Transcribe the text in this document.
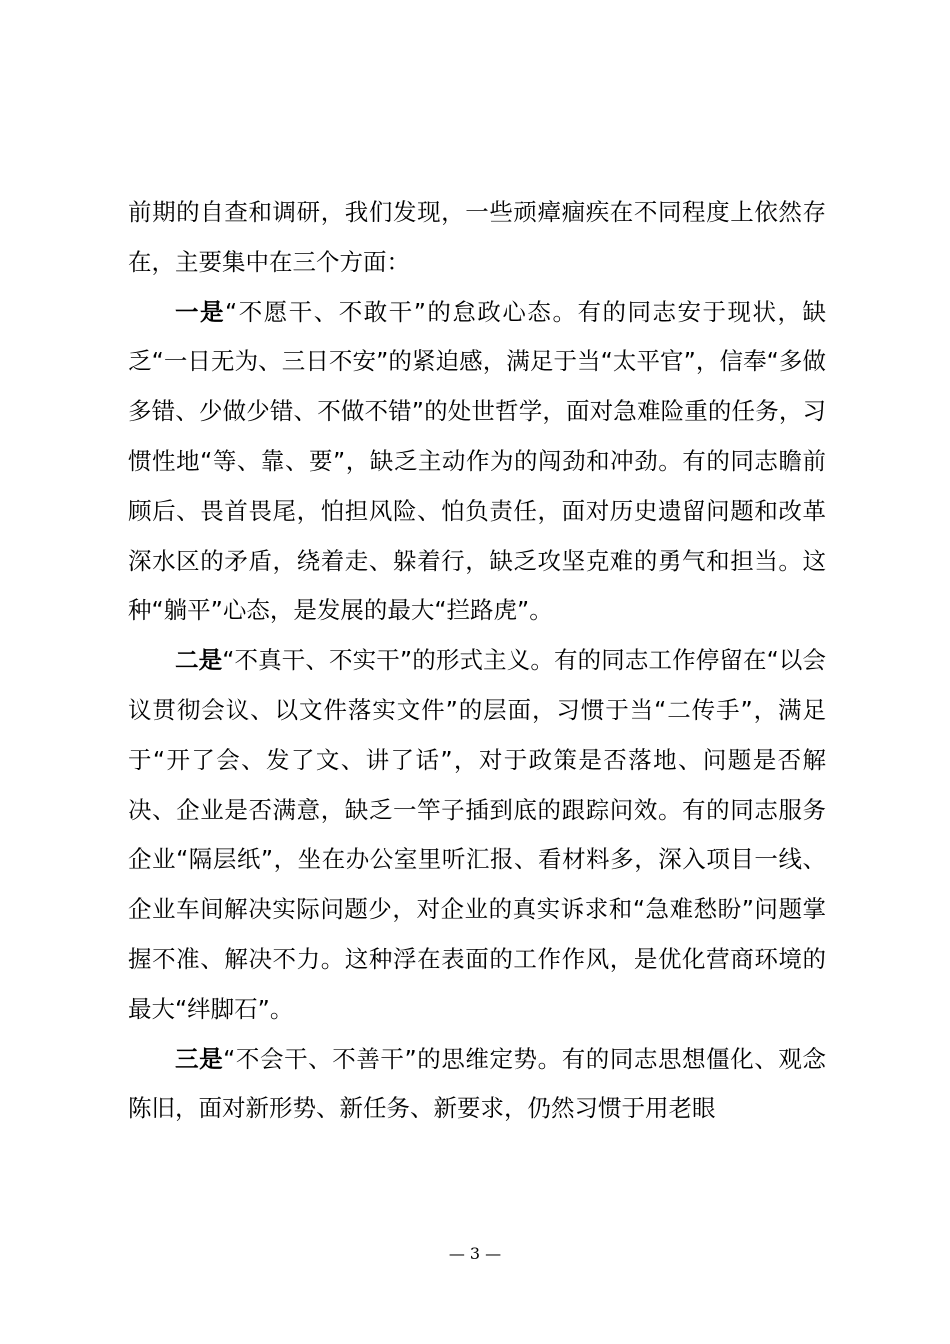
前期的自查和调研，我们发现，一些顽瘴痼疾在不同程度上依然存在，主要集中在三个方面：

一是“不愿干、不敢干”的怠政心态。有的同志安于现状，缺乏“一日无为、三日不安”的紧迫感，满足于当“太平官”，信奉“多做多错、少做少错、不做不错”的处世哲学，面对急难险重的任务，习惯性地“等、靠、要”，缺乏主动作为的闯劲和冲劲。有的同志瞻前顾后、畏首畏尾，怕担风险、怕负责任，面对历史遗留问题和改革深水区的矛盾，绕着走、躲着行，缺乏攻坚克难的勇气和担当。这种“躺平”心态，是发展的最大“拦路虎”。

二是“不真干、不实干”的形式主义。有的同志工作停留在“以会议贯彻会议、以文件落实文件”的层面，习惯于当“二传手”，满足于“开了会、发了文、讲了话”，对于政策是否落地、问题是否解决、企业是否满意，缺乏一竿子插到底的跟踪问效。有的同志服务企业“隔层纸”，坐在办公室里听汇报、看材料多，深入项目一线、企业车间解决实际问题少，对企业的真实诉求和“急难愁盼”问题掌握不准、解决不力。这种浮在表面的工作作风，是优化营商环境的最大“绊脚石”。

三是“不会干、不善干”的思维定势。有的同志思想僵化、观念陈旧，面对新形势、新任务、新要求，仍然习惯于用老眼

— 3 —
